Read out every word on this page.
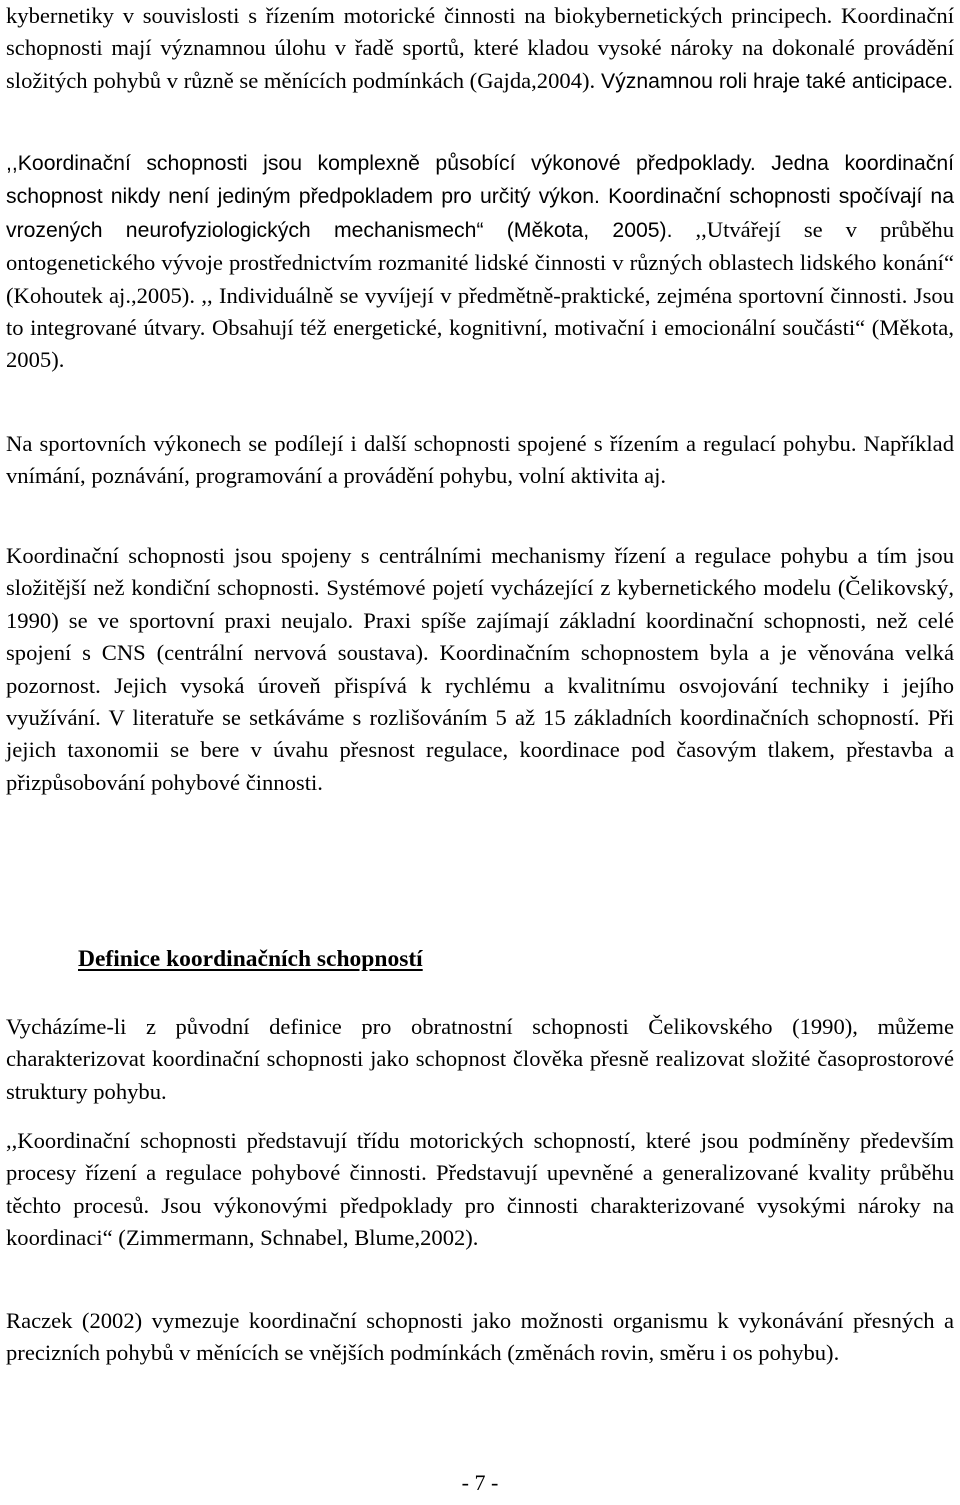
kybernetiky v souvislosti s řízením motorické činnosti na biokybernetických principech. Koordinační schopnosti mají významnou úlohu v řadě sportů, které kladou vysoké nároky na dokonalé provádění složitých pohybů v různě se měnících podmínkách (Gajda,2004). Významnou roli hraje také anticipace.

,,Koordinační schopnosti jsou komplexně působící výkonové předpoklady. Jedna koordinační schopnost nikdy není jediným předpokladem pro určitý výkon. Koordinační schopnosti spočívají na vrozených neurofyziologických mechanismech“ (Měkota, 2005). ,,Utvářejí se v průběhu ontogenetického vývoje prostřednictvím rozmanité lidské činnosti v různých oblastech lidského konání“ (Kohoutek aj.,2005). ,, Individuálně se vyvíjejí v předmětně-praktické, zejména sportovní činnosti. Jsou to integrované útvary. Obsahují též energetické, kognitivní, motivační i emocionální součásti“ (Měkota, 2005).

Na sportovních výkonech se podílejí i další schopnosti spojené s řízením a regulací pohybu. Například vnímání, poznávání, programování a provádění pohybu, volní aktivita aj.

Koordinační schopnosti jsou spojeny s centrálními mechanismy řízení a regulace pohybu a tím jsou složitější než kondiční schopnosti. Systémové pojetí vycházející z kybernetického modelu (Čelikovský, 1990) se ve sportovní praxi neujalo. Praxi spíše zajímají základní koordinační schopnosti, než celé spojení s CNS (centrální nervová soustava). Koordinačním schopnostem byla a je věnována velká pozornost. Jejich vysoká úroveň přispívá k rychlému a kvalitnímu osvojování techniky i jejího využívání. V literatuře se setkáváme s rozlišováním 5 až 15 základních koordinačních schopností. Při jejich taxonomii se bere v úvahu přesnost regulace, koordinace pod časovým tlakem, přestavba a přizpůsobování pohybové činnosti.

Definice koordinačních schopností

Vycházíme-li z původní definice pro obratnostní schopnosti Čelikovského (1990), můžeme charakterizovat koordinační schopnosti jako schopnost člověka přesně realizovat složité časoprostorové struktury pohybu.

,,Koordinační schopnosti představují třídu motorických schopností, které jsou podmíněny především procesy řízení a regulace pohybové činnosti. Představují upevněné a generalizované kvality průběhu těchto procesů. Jsou výkonovými předpoklady pro činnosti charakterizované vysokými nároky na koordinaci“ (Zimmermann, Schnabel, Blume,2002).

Raczek (2002) vymezuje koordinační schopnosti jako možnosti organismu k vykonávání přesných a precizních pohybů v měnících se vnějších podmínkách (změnách rovin, směru i os pohybu).

- 7 -
